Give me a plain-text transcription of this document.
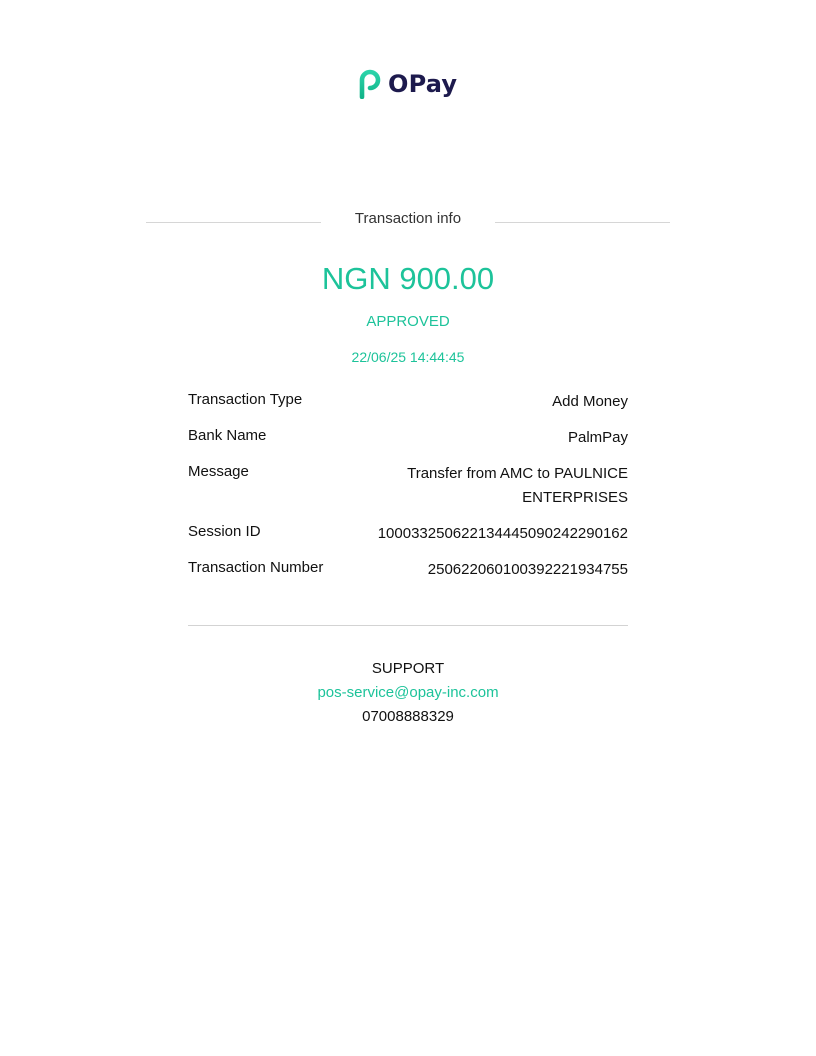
OPay
Transaction info
NGN 900.00
APPROVED
22/06/25 14:44:45
Transaction Type	Add Money
Bank Name	PalmPay
Message	Transfer from AMC to PAULNICE ENTERPRISES
Session ID	100033250622134445090242290162
Transaction Number	250622060100392221934755
SUPPORT
pos-service@opay-inc.com
07008888329
